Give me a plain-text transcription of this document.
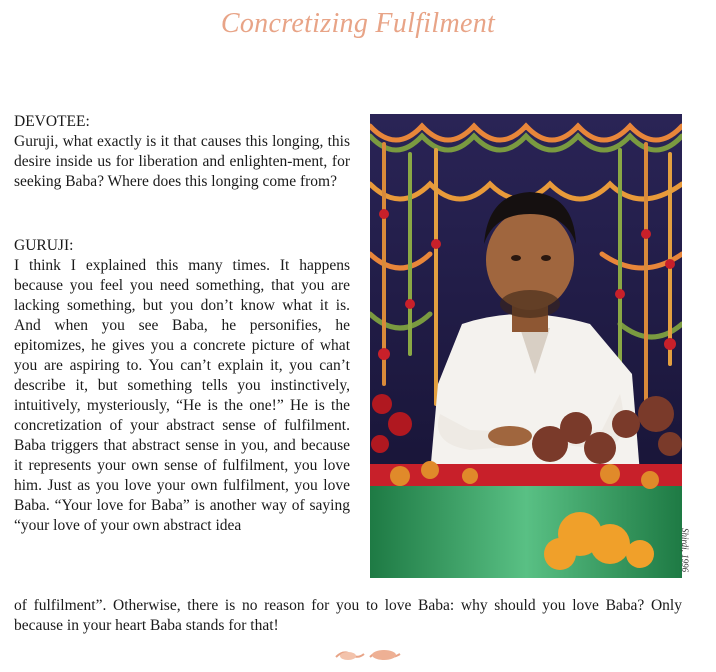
Concretizing Fulfilment
DEVOTEE:

Guruji, what exactly is it that causes this longing, this desire inside us for liberation and enlighten-ment, for seeking Baba? Where does this longing come from?

GURUJI:

I think I explained this many times. It happens because you feel you need something, that you are lacking something, but you don’t know what it is. And when you see Baba, he personifies, he epitomizes, he gives you a concrete picture of what you are aspiring to. You can’t explain it, you can’t describe it, but something tells you instinctively, intuitively, mysteriously, “He is the one!” He is the concretization of your abstract sense of fulfilment. Baba triggers that abstract sense in you, and because it represents your own sense of fulfilment, you love him. Just as you love your own fulfilment, you love Baba. “Your love for Baba” is another way of saying “your love of your own abstract idea

of fulfilment”. Otherwise, there is no reason for you to love Baba: why should you love Baba? Only because in your heart Baba stands for that!

Shirdi, 1996
